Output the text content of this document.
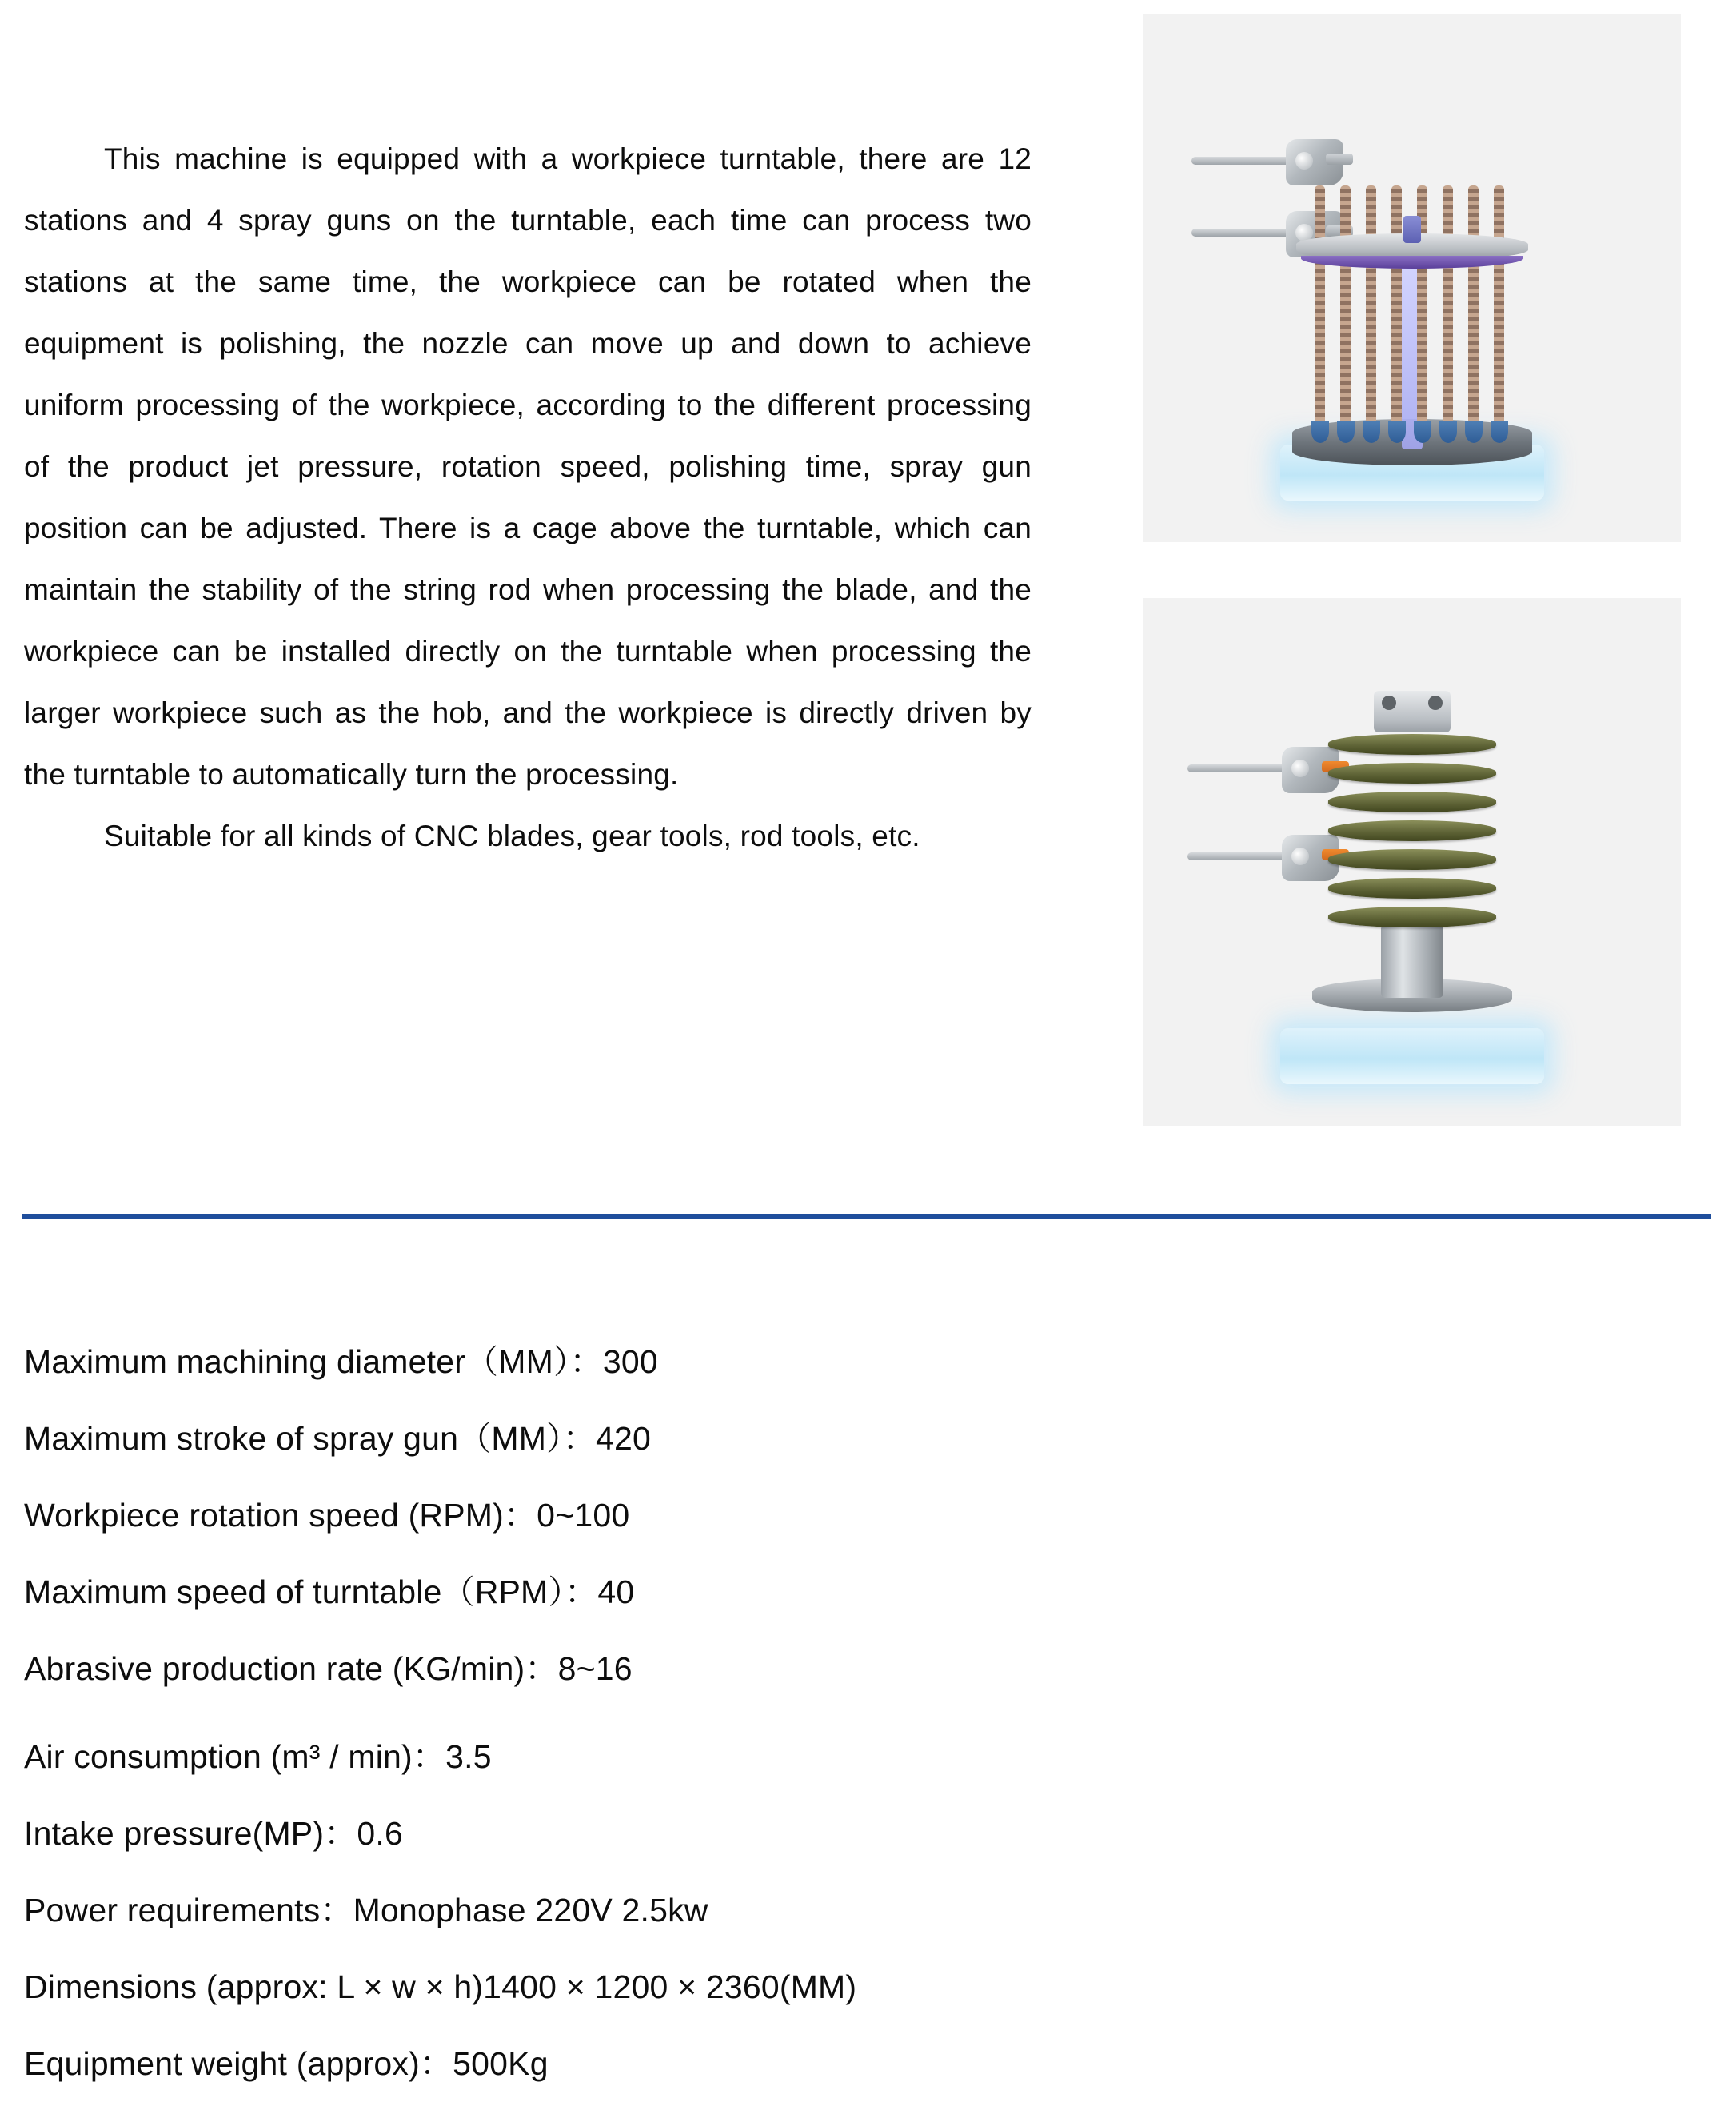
This machine is equipped with a workpiece turntable, there are 12 stations and 4 spray guns on the turntable, each time can process two stations at the same time, the workpiece can be rotated when the equipment is polishing, the nozzle can move up and down to achieve uniform processing of the workpiece, according to the different processing of the product jet pressure, rotation speed, polishing time, spray gun position can be adjusted. There is a cage above the turntable, which can maintain the stability of the string rod when processing the blade, and the workpiece can be installed directly on the turntable when processing the larger workpiece such as the hob, and the workpiece is directly driven by the turntable to automatically turn the processing.

Suitable for all kinds of CNC blades, gear tools, rod tools, etc.

Maximum machining diameter（MM）：300
Maximum stroke of spray gun（MM）：420
Workpiece rotation speed (RPM)：0~100
Maximum speed of turntable（RPM）：40
Abrasive production rate (KG/min)：8~16
Air consumption (m³ / min)：3.5
Intake pressure(MP)：0.6
Power requirements：Monophase 220V 2.5kw
Dimensions (approx: L × w × h)1400 × 1200 × 2360(MM)
Equipment weight (approx)：500Kg
